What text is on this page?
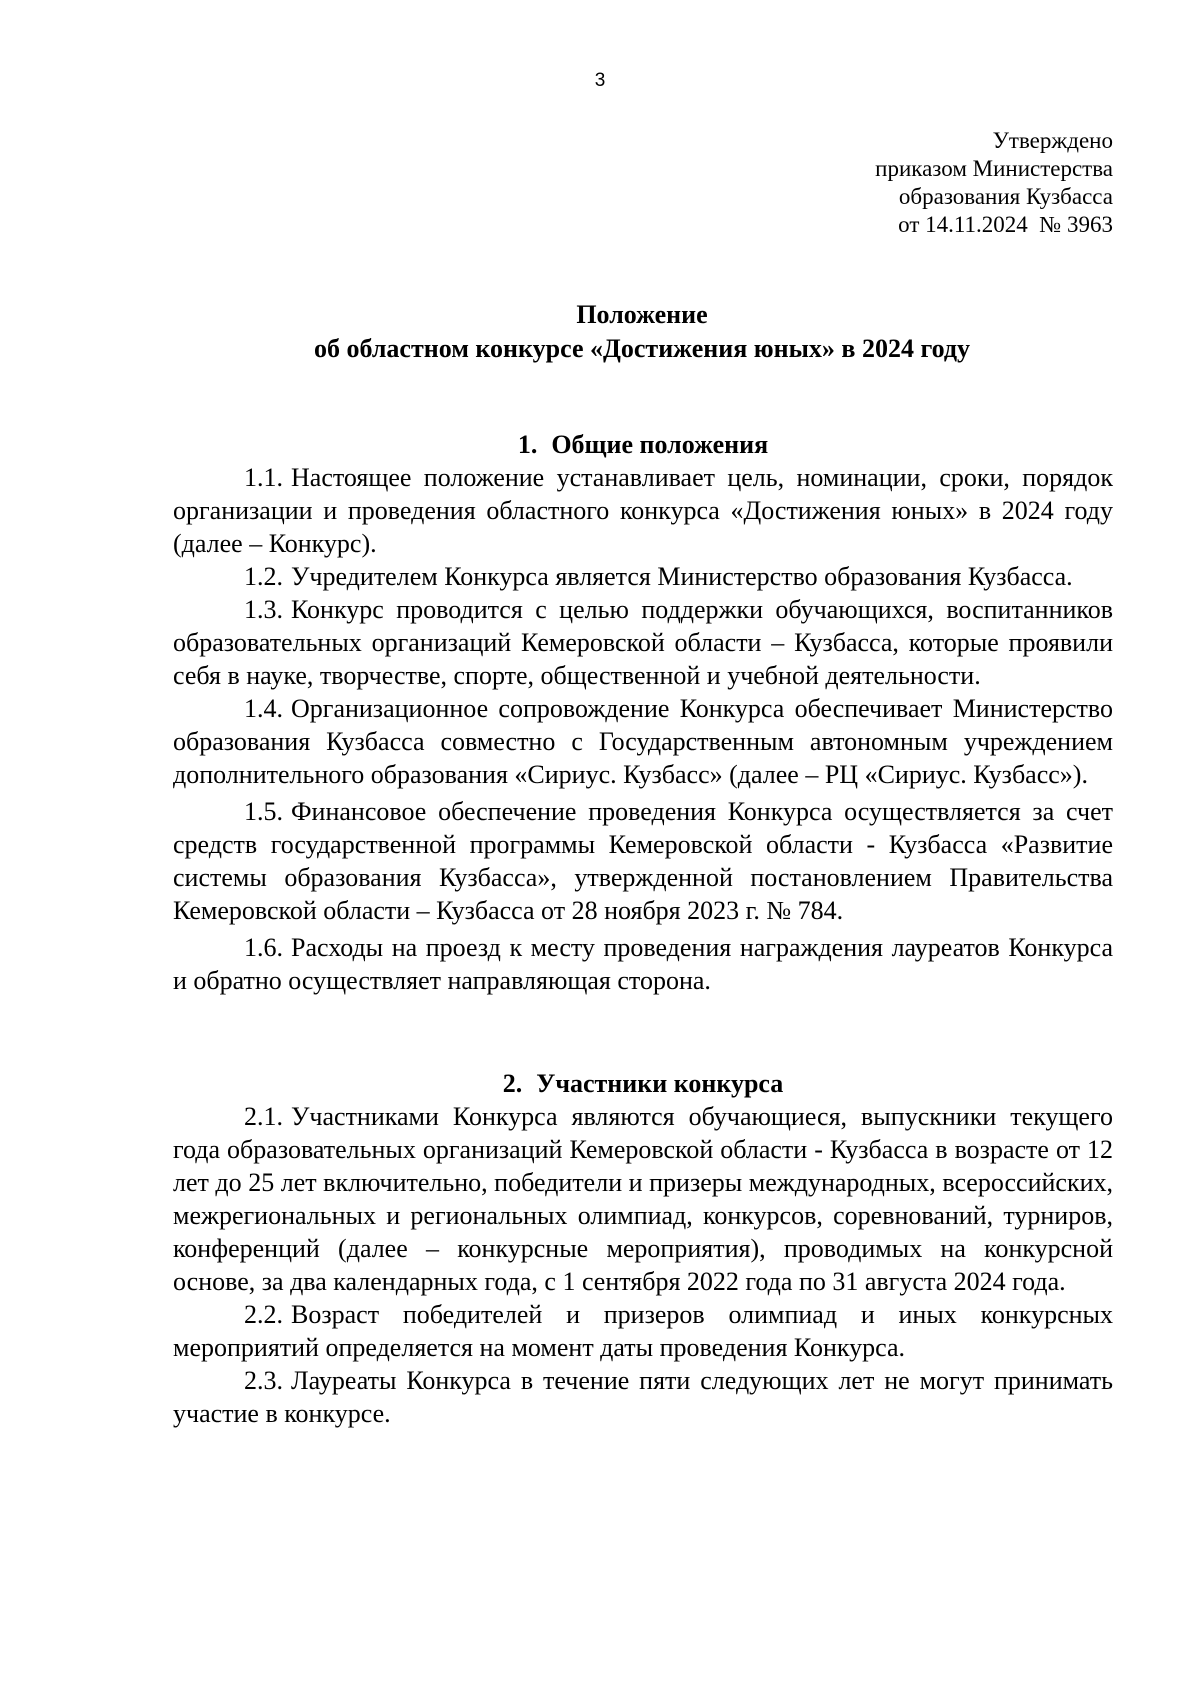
3
Утверждено
приказом Министерства
образования Кузбасса
от 14.11.2024  № 3963
Положение
об областном конкурсе «Достижения юных» в 2024 году
1. Общие положения

1.1. Настоящее положение устанавливает цель, номинации, сроки, порядок организации и проведения областного конкурса «Достижения юных» в 2024 году (далее – Конкурс).

1.2. Учредителем Конкурса является Министерство образования Кузбасса.

1.3. Конкурс проводится с целью поддержки обучающихся, воспитанников образовательных организаций Кемеровской области – Кузбасса, которые проявили себя в науке, творчестве, спорте, общественной и учебной деятельности.

1.4. Организационное сопровождение Конкурса обеспечивает Министерство образования Кузбасса совместно с Государственным автономным учреждением дополнительного образования «Сириус. Кузбасс» (далее – РЦ «Сириус. Кузбасс»).

1.5. Финансовое обеспечение проведения Конкурса осуществляется за счет средств государственной программы Кемеровской области - Кузбасса «Развитие системы образования Кузбасса», утвержденной постановлением Правительства Кемеровской области – Кузбасса от 28 ноября 2023 г. № 784.

1.6. Расходы на проезд к месту проведения награждения лауреатов Конкурса и обратно осуществляет направляющая сторона.

2. Участники конкурса

2.1. Участниками Конкурса являются обучающиеся, выпускники текущего года образовательных организаций Кемеровской области - Кузбасса в возрасте от 12 лет до 25 лет включительно, победители и призеры международных, всероссийских, межрегиональных и региональных олимпиад, конкурсов, соревнований, турниров, конференций (далее – конкурсные мероприятия), проводимых на конкурсной основе, за два календарных года, с 1 сентября 2022 года по 31 августа 2024 года.

2.2. Возраст победителей и призеров олимпиад и иных конкурсных мероприятий определяется на момент даты проведения Конкурса.

2.3. Лауреаты Конкурса в течение пяти следующих лет не могут принимать участие в конкурсе.
